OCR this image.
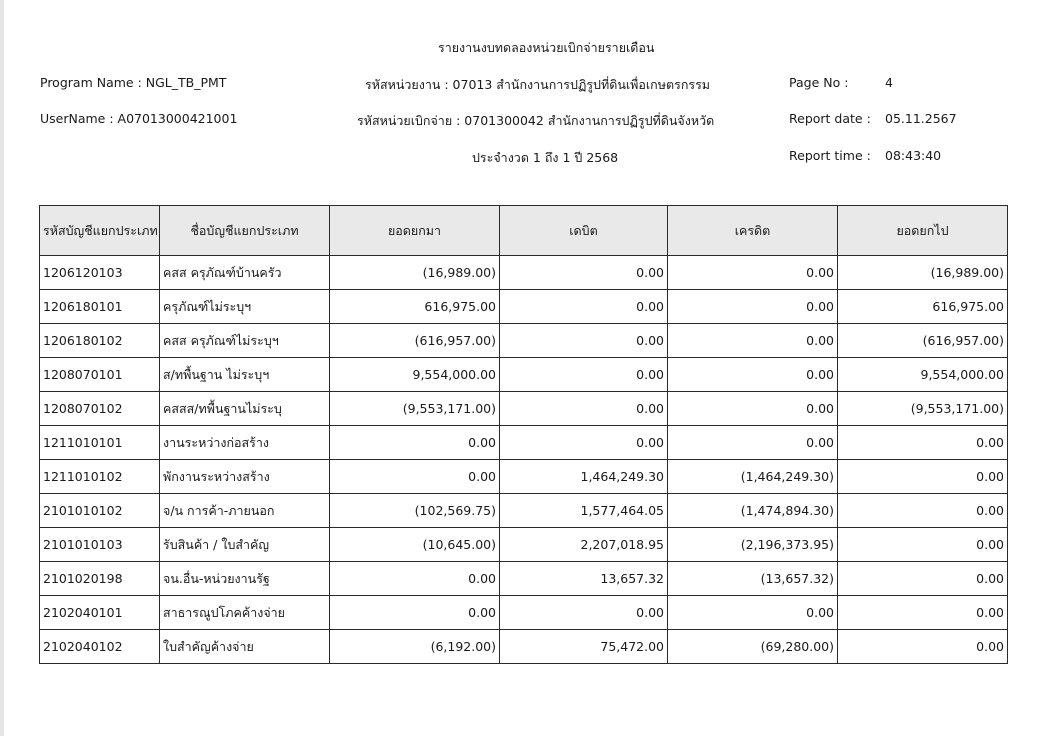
รายงานงบทดลองหน่วยเบิกจ่ายรายเดือน
Program Name : NGL_TB_PMT
UserName : A07013000421001
รหัสหน่วยงาน : 07013 สำนักงานการปฏิรูปที่ดินเพื่อเกษตรกรรม
รหัสหน่วยเบิกจ่าย : 0701300042 สำนักงานการปฏิรูปที่ดินจังหวัด
ประจำงวด 1 ถึง 1 ปี 2568
Page No :	4
Report date : 05.11.2567
Report time : 08:43:40
รหัสบัญชีแยกประเภท	ชื่อบัญชีแยกประเภท	ยอดยกมา	เดบิต	เครดิต	ยอดยกไป
1206120103	คสส ครุภัณฑ์บ้านครัว	(16,989.00)	0.00	0.00	(16,989.00)
1206180101	ครุภัณฑ์ไม่ระบุฯ	616,975.00	0.00	0.00	616,975.00
1206180102	คสส ครุภัณฑ์ไม่ระบุฯ	(616,957.00)	0.00	0.00	(616,957.00)
1208070101	ส/ทพื้นฐาน ไม่ระบุฯ	9,554,000.00	0.00	0.00	9,554,000.00
1208070102	คสสส/ทพื้นฐานไม่ระบุ	(9,553,171.00)	0.00	0.00	(9,553,171.00)
1211010101	งานระหว่างก่อสร้าง	0.00	0.00	0.00	0.00
1211010102	พักงานระหว่างสร้าง	0.00	1,464,249.30	(1,464,249.30)	0.00
2101010102	จ/น การค้า-ภายนอก	(102,569.75)	1,577,464.05	(1,474,894.30)	0.00
2101010103	รับสินค้า / ใบสำคัญ	(10,645.00)	2,207,018.95	(2,196,373.95)	0.00
2101020198	จน.อื่น-หน่วยงานรัฐ	0.00	13,657.32	(13,657.32)	0.00
2102040101	สาธารณูปโภคค้างจ่าย	0.00	0.00	0.00	0.00
2102040102	ใบสำคัญค้างจ่าย	(6,192.00)	75,472.00	(69,280.00)	0.00
